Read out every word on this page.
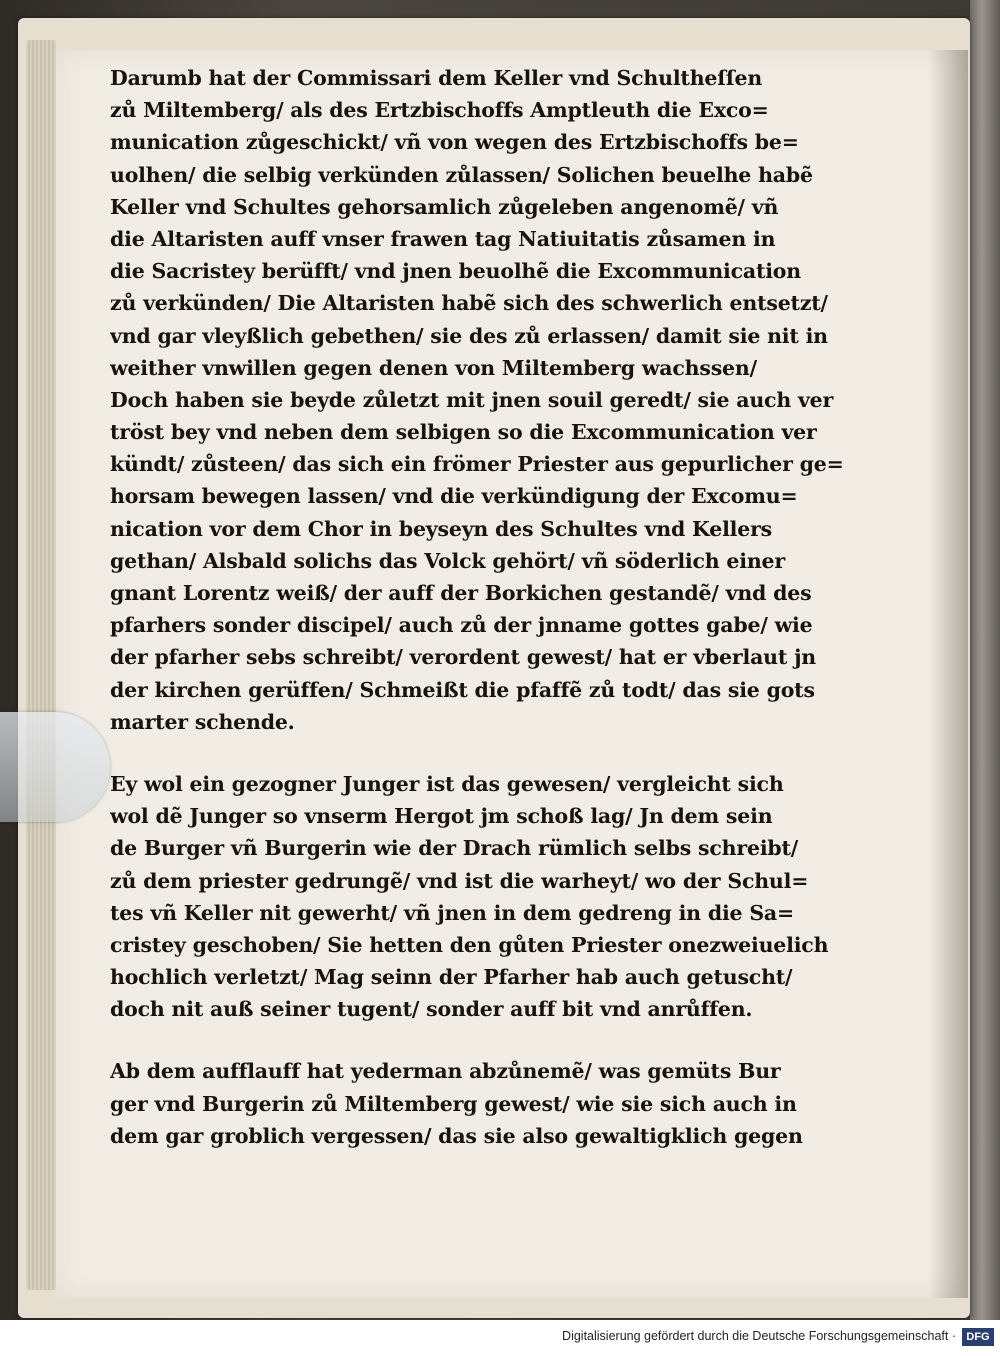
Darumb hat der Commissari dem Keller vnd Schultheſſen
zů Miltemberg/ als des Ertzbischoffs Amptleuth die Exco=
munication zůgeschickt/ vñ von wegen des Ertzbischoffs be=
uolhen/ die selbig verkünden zůlassen/ Solichen beuelhe habẽ
Keller vnd Schultes gehorsamlich zůgeleben angenomẽ/ vñ
die Altaristen auff vnser frawen tag Natiuitatis zůsamen in
die Sacristey berüfft/ vnd jnen beuolhẽ die Excommunication
zů verkünden/ Die Altaristen habẽ sich des schwerlich entsetzt/
vnd gar vleyßlich gebethen/ sie des zů erlassen/ damit sie nit in
weither vnwillen gegen denen von Miltemberg wachssen/
Doch haben sie beyde zůletzt mit jnen souil geredt/ sie auch ver
tröst bey vnd neben dem selbigen so die Excommunication ver
kündt/ zůsteen/ das sich ein frömer Priester aus gepurlicher ge=
horsam bewegen lassen/ vnd die verkündigung der Excomu=
nication vor dem Chor in beyseyn des Schultes vnd Kellers
gethan/ Alsbald solichs das Volck gehört/ vñ söderlich einer
gnant Lorentz weiß/ der auff der Borkichen gestandẽ/ vnd des
pfarhers sonder discipel/ auch zů der jnname gottes gabe/ wie
der pfarher sebs schreibt/ verordent gewest/ hat er vberlaut jn
der kirchen gerüffen/ Schmeißt die pfaffẽ zů todt/ das sie gots
marter schende.
Ey wol ein gezogner Junger ist das gewesen/ vergleicht sich
wol dẽ Junger so vnserm Hergot jm schoß lag/ Jn dem sein
de Burger vñ Burgerin wie der Drach rümlich selbs schreibt/
zů dem priester gedrungẽ/ vnd ist die warheyt/ wo der Schul=
tes vñ Keller nit gewerht/ vñ jnen in dem gedreng in die Sa=
cristey geschoben/ Sie hetten den gůten Priester onezweiuelich
hochlich verletzt/ Mag seinn der Pfarher hab auch getuscht/
doch nit auß seiner tugent/ sonder auff bit vnd anrůffen.
Ab dem aufflauff hat yederman abzůnemẽ/ was gemüts Bur
ger vnd Burgerin zů Miltemberg gewest/ wie sie sich auch in
dem gar groblich vergessen/ das sie also gewaltigklich gegen
Digitalisierung gefördert durch die Deutsche Forschungsgemeinschaft · DFG
